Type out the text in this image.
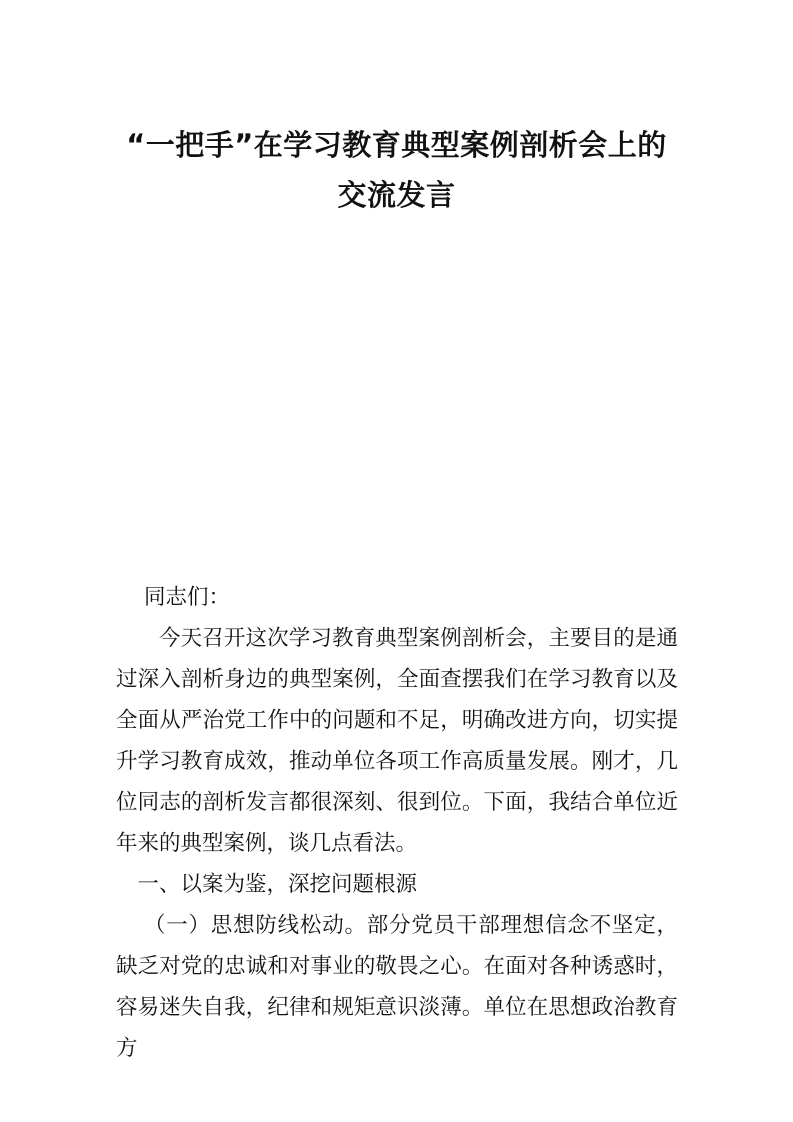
“一把手”在学习教育典型案例剖析会上的
交流发言

同志们：

今天召开这次学习教育典型案例剖析会，主要目的是通过深入剖析身边的典型案例，全面查摆我们在学习教育以及全面从严治党工作中的问题和不足，明确改进方向，切实提升学习教育成效，推动单位各项工作高质量发展。刚才，几位同志的剖析发言都很深刻、很到位。下面，我结合单位近年来的典型案例，谈几点看法。

一、以案为鉴，深挖问题根源

（一）思想防线松动。部分党员干部理想信念不坚定，缺乏对党的忠诚和对事业的敬畏之心。在面对各种诱惑时，容易迷失自我，纪律和规矩意识淡薄。单位在思想政治教育方
